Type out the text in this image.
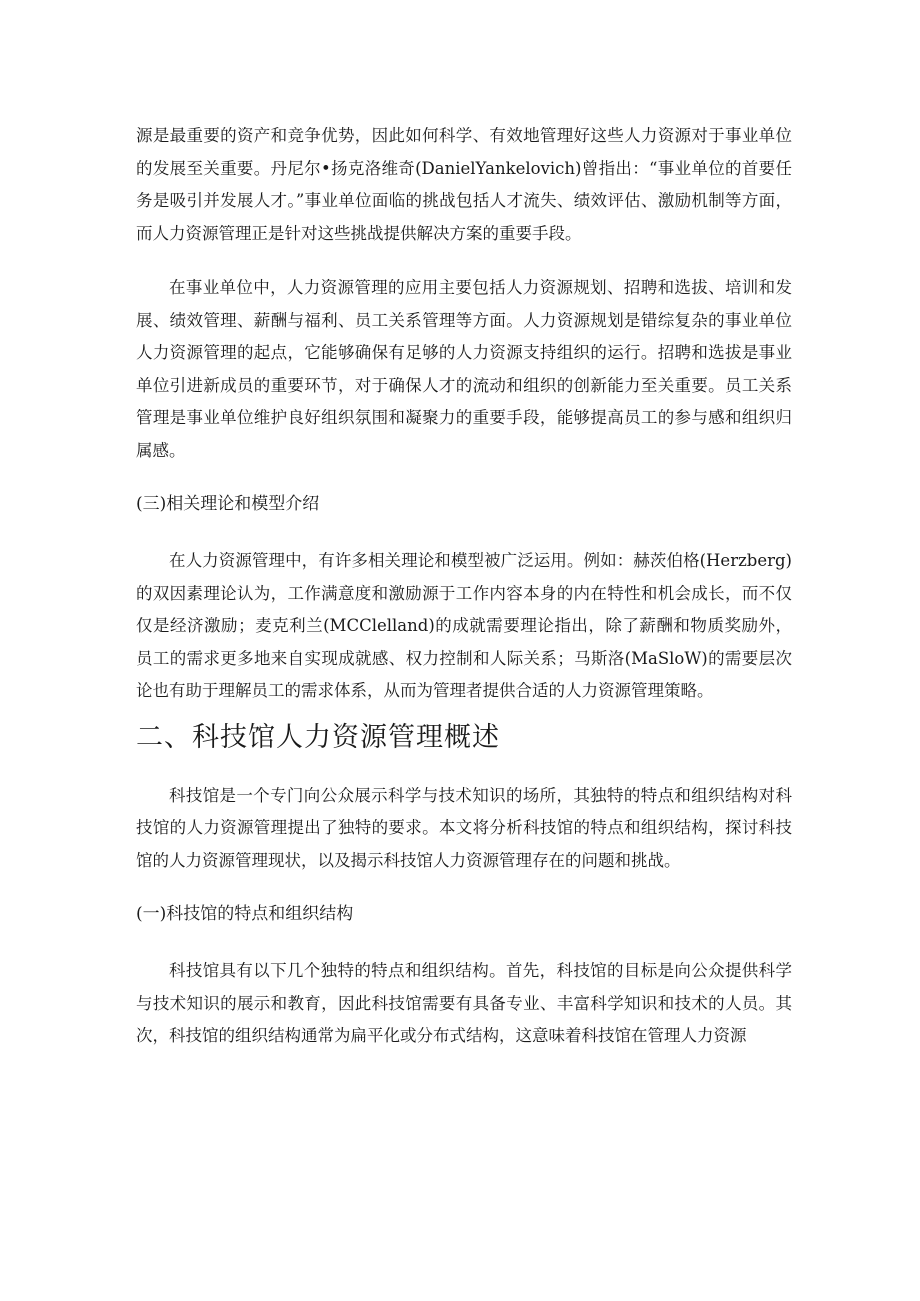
源是最重要的资产和竞争优势，因此如何科学、有效地管理好这些人力资源对于事业单位的发展至关重要。丹尼尔•扬克洛维奇(DanielYankelovich)曾指出：“事业单位的首要任务是吸引并发展人才。”事业单位面临的挑战包括人才流失、绩效评估、激励机制等方面，而人力资源管理正是针对这些挑战提供解决方案的重要手段。

在事业单位中，人力资源管理的应用主要包括人力资源规划、招聘和选拔、培训和发展、绩效管理、薪酬与福利、员工关系管理等方面。人力资源规划是错综复杂的事业单位人力资源管理的起点，它能够确保有足够的人力资源支持组织的运行。招聘和选拔是事业单位引进新成员的重要环节，对于确保人才的流动和组织的创新能力至关重要。员工关系管理是事业单位维护良好组织氛围和凝聚力的重要手段，能够提高员工的参与感和组织归属感。

(三)相关理论和模型介绍

在人力资源管理中，有许多相关理论和模型被广泛运用。例如：赫茨伯格(Herzberg)的双因素理论认为，工作满意度和激励源于工作内容本身的内在特性和机会成长，而不仅仅是经济激励；麦克利兰(MCClelland)的成就需要理论指出，除了薪酬和物质奖励外，员工的需求更多地来自实现成就感、权力控制和人际关系；马斯洛(MaSloW)的需要层次论也有助于理解员工的需求体系，从而为管理者提供合适的人力资源管理策略。

二、科技馆人力资源管理概述

科技馆是一个专门向公众展示科学与技术知识的场所，其独特的特点和组织结构对科技馆的人力资源管理提出了独特的要求。本文将分析科技馆的特点和组织结构，探讨科技馆的人力资源管理现状，以及揭示科技馆人力资源管理存在的问题和挑战。

(一)科技馆的特点和组织结构

科技馆具有以下几个独特的特点和组织结构。首先，科技馆的目标是向公众提供科学与技术知识的展示和教育，因此科技馆需要有具备专业、丰富科学知识和技术的人员。其次，科技馆的组织结构通常为扁平化或分布式结构，这意味着科技馆在管理人力资源
